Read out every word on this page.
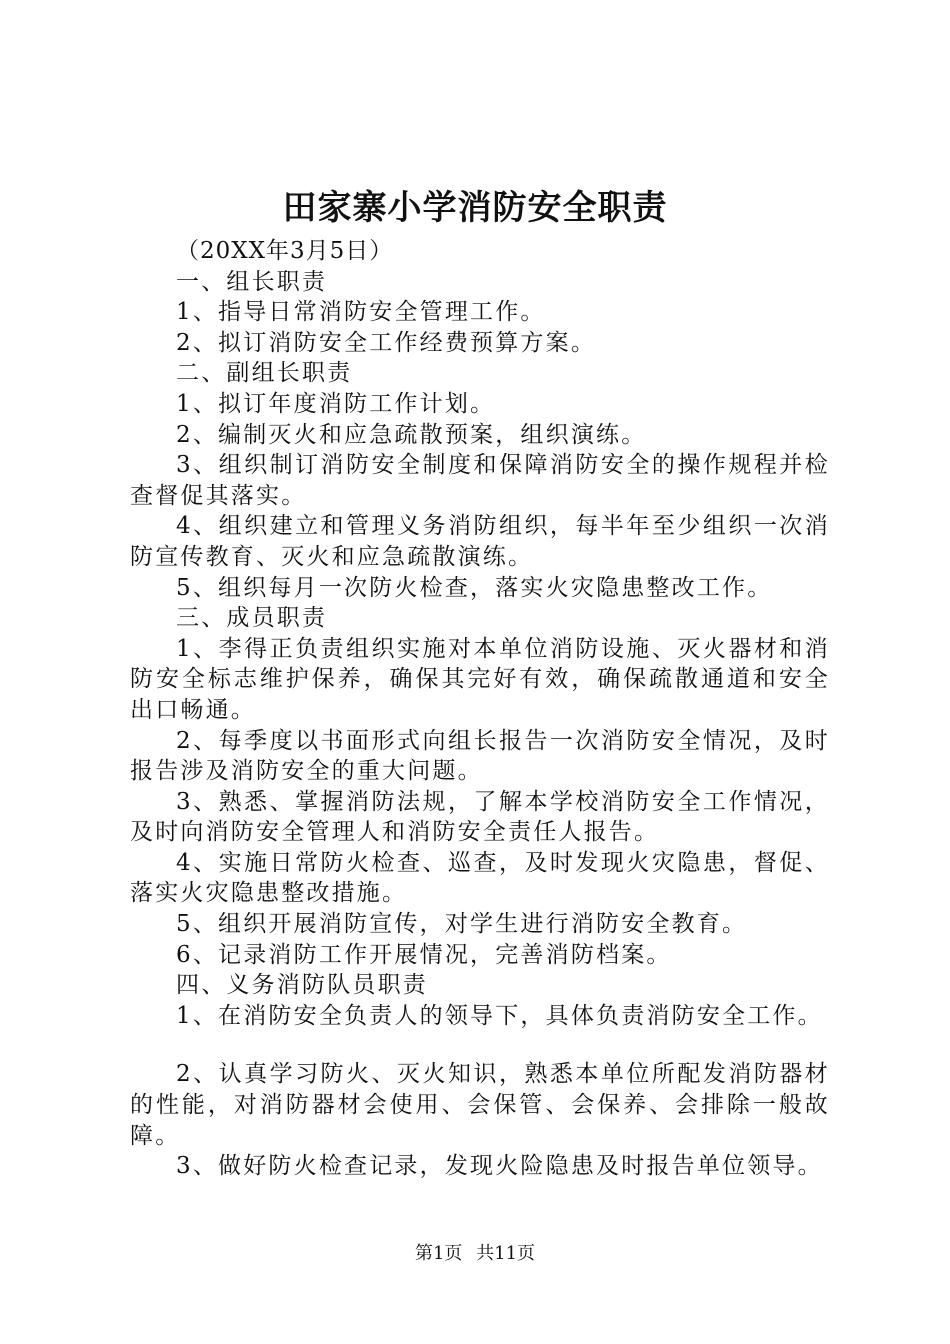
田家寨小学消防安全职责

（20XX年3月5日）

一、组长职责

1、指导日常消防安全管理工作。

2、拟订消防安全工作经费预算方案。

二、副组长职责

1、拟订年度消防工作计划。

2、编制灭火和应急疏散预案，组织演练。

3、组织制订消防安全制度和保障消防安全的操作规程并检查督促其落实。

4、组织建立和管理义务消防组织，每半年至少组织一次消防宣传教育、灭火和应急疏散演练。

5、组织每月一次防火检查，落实火灾隐患整改工作。

三、成员职责

1、李得正负责组织实施对本单位消防设施、灭火器材和消防安全标志维护保养，确保其完好有效，确保疏散通道和安全出口畅通。

2、每季度以书面形式向组长报告一次消防安全情况，及时报告涉及消防安全的重大问题。

3、熟悉、掌握消防法规，了解本学校消防安全工作情况，及时向消防安全管理人和消防安全责任人报告。

4、实施日常防火检查、巡查，及时发现火灾隐患，督促、落实火灾隐患整改措施。

5、组织开展消防宣传，对学生进行消防安全教育。

6、记录消防工作开展情况，完善消防档案。

四、义务消防队员职责

1、在消防安全负责人的领导下，具体负责消防安全工作。

2、认真学习防火、灭火知识，熟悉本单位所配发消防器材的性能，对消防器材会使用、会保管、会保养、会排除一般故障。

3、做好防火检查记录，发现火险隐患及时报告单位领导。

第1页 共11页
